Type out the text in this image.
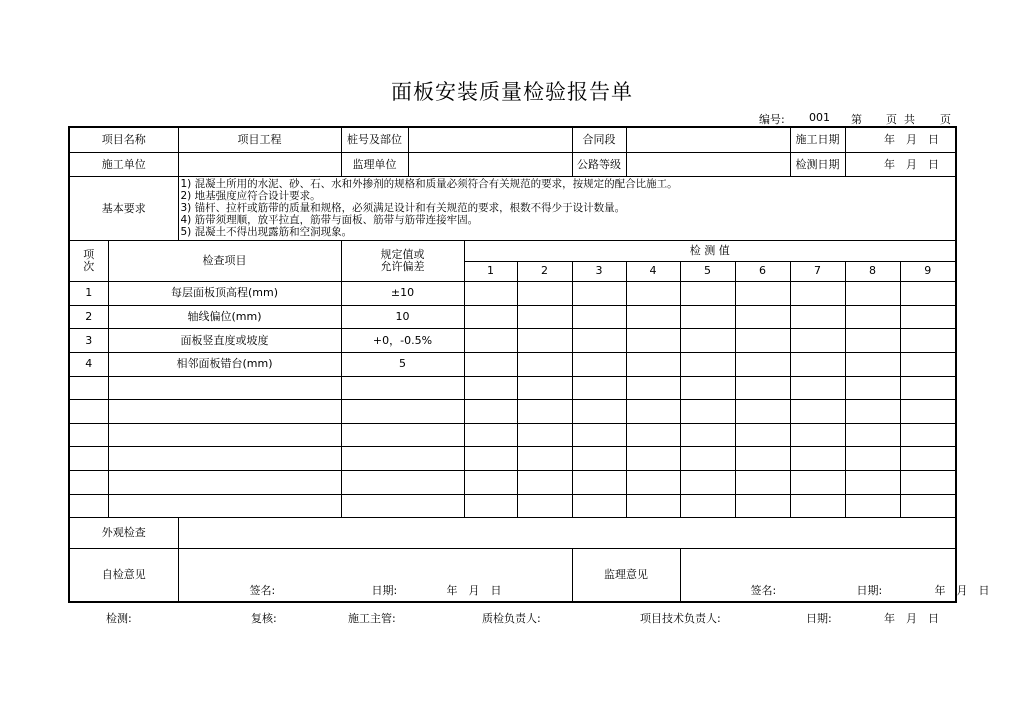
面板安装质量检验报告单
编号: 001 第 页 共 页
项目名称		项目工程	桩号及部位				合同段				施工日期	年　月　日	
施工单位			监理单位				公路等级				检测日期	年　月　日	
基本要求		1) 混凝土所用的水泥、砂、石、水和外掺剂的规格和质量必须符合有关规范的要求，按规定的配合比施工。
2) 地基强度应符合设计要求。
3) 锚杆、拉杆或筋带的质量和规格，必须满足设计和有关规范的要求，根数不得少于设计数量。
4) 筋带须理顺，放平拉直，筋带与面板、筋带与筋带连接牢固。
5) 混凝土不得出现露筋和空洞现象。											

项
次	检查项目		规定值或
允许偏差		检 测 值								
					1	2	3	4	5	6	7	8	9
1	每层面板顶高程(mm)		±10										
2	轴线偏位(mm)		10										
3	面板竖直度或坡度		+0，-0.5%										
4	相邻面板错台(mm)		5										

外观检查													
自检意见		签名: 日期: 年　月　日					监理意见		签名: 日期: 年　月　日				
检测:	复核:	施工主管:	质检负责人:	项目技术负责人:	日期:	年　月　日
